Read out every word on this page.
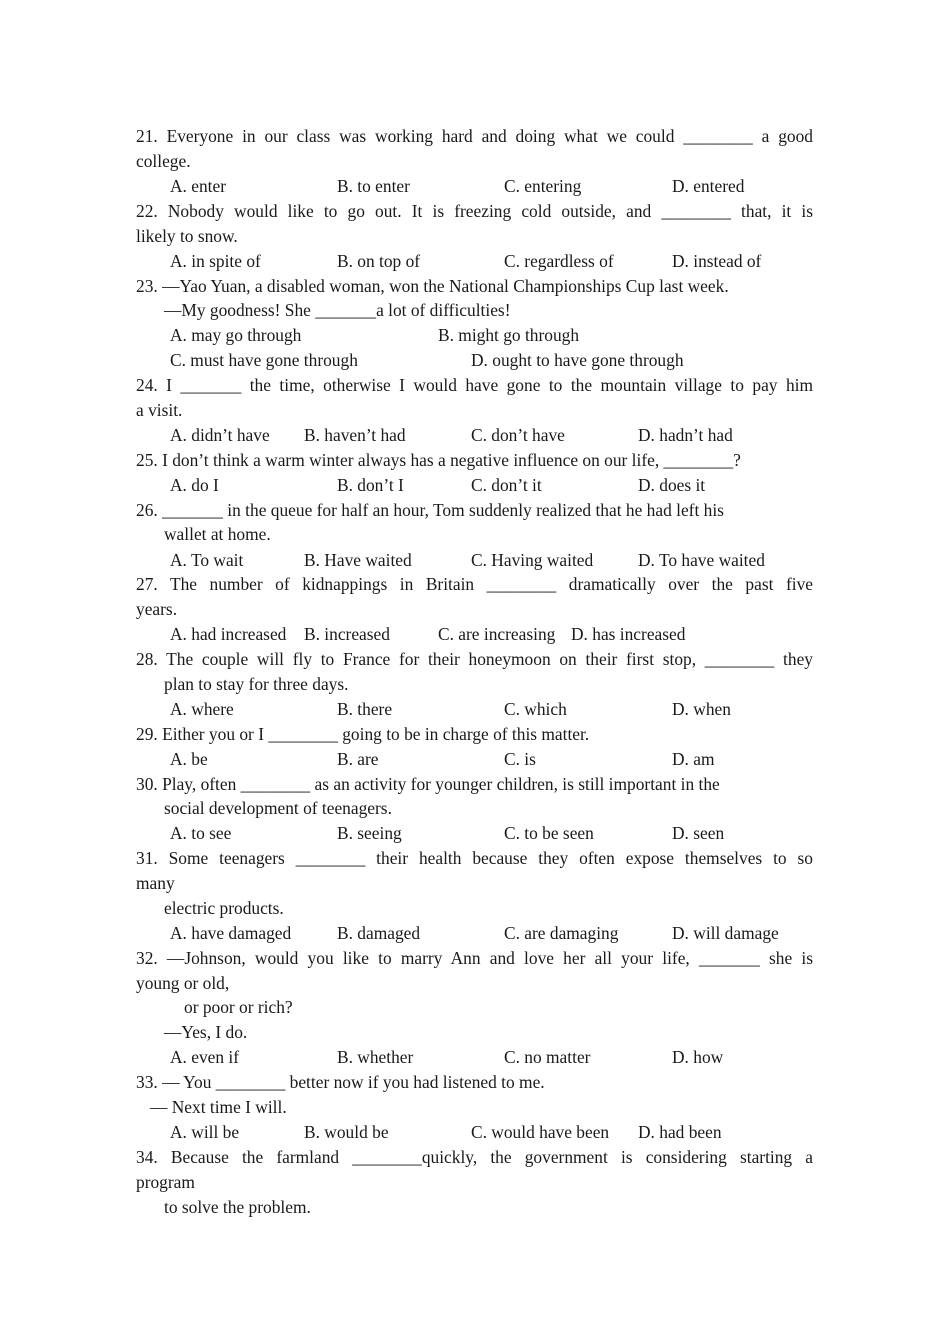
21. Everyone in our class was working hard and doing what we could ________ a good
college.
A. enter	B. to enter	C. entering	D. entered
22. Nobody would like to go out. It is freezing cold outside, and ________ that, it is
likely to snow.
A. in spite of	B. on top of	C. regardless of	D. instead of
23. —Yao Yuan, a disabled woman, won the National Championships Cup last week.
—My goodness! She _______a lot of difficulties!
A. may go through	B. might go through
C. must have gone through	D. ought to have gone through
24. I _______ the time, otherwise I would have gone to the mountain village to pay him
a visit.
A. didn’t have B. haven’t had	C. don’t have	D. hadn’t had
25. I don’t think a warm winter always has a negative influence on our life, ________?
A. do I	B. don’t I	C. don’t it	D. does it
26. _______ in the queue for half an hour, Tom suddenly realized that he had left his
wallet at home.
A. To wait	B. Have waited	C. Having waited	D. To have waited
27. The number of kidnappings in Britain ________ dramatically over the past five
years.
A. had increased B. increased	C. are increasing D. has increased
28. The couple will fly to France for their honeymoon on their first stop, ________ they
plan to stay for three days.
A. where	B. there	C. which	D. when
29. Either you or I ________ going to be in charge of this matter.
A. be	B. are	C. is	D. am
30. Play, often ________ as an activity for younger children, is still important in the
social development of teenagers.
A. to see	B. seeing	C. to be seen	D. seen
31. Some teenagers ________ their health because they often expose themselves to so
many
electric products.
A. have damaged	B. damaged	C. are damaging	D. will damage
32. —Johnson, would you like to marry Ann and love her all your life, _______ she is
young or old,
or poor or rich?
—Yes, I do.
A. even if	B. whether	C. no matter	D. how
33. — You ________ better now if you had listened to me.
— Next time I will.
A. will be	B. would be	C. would have been D. had been
34. Because the farmland ________quickly, the government is considering starting a
program
to solve the problem.
